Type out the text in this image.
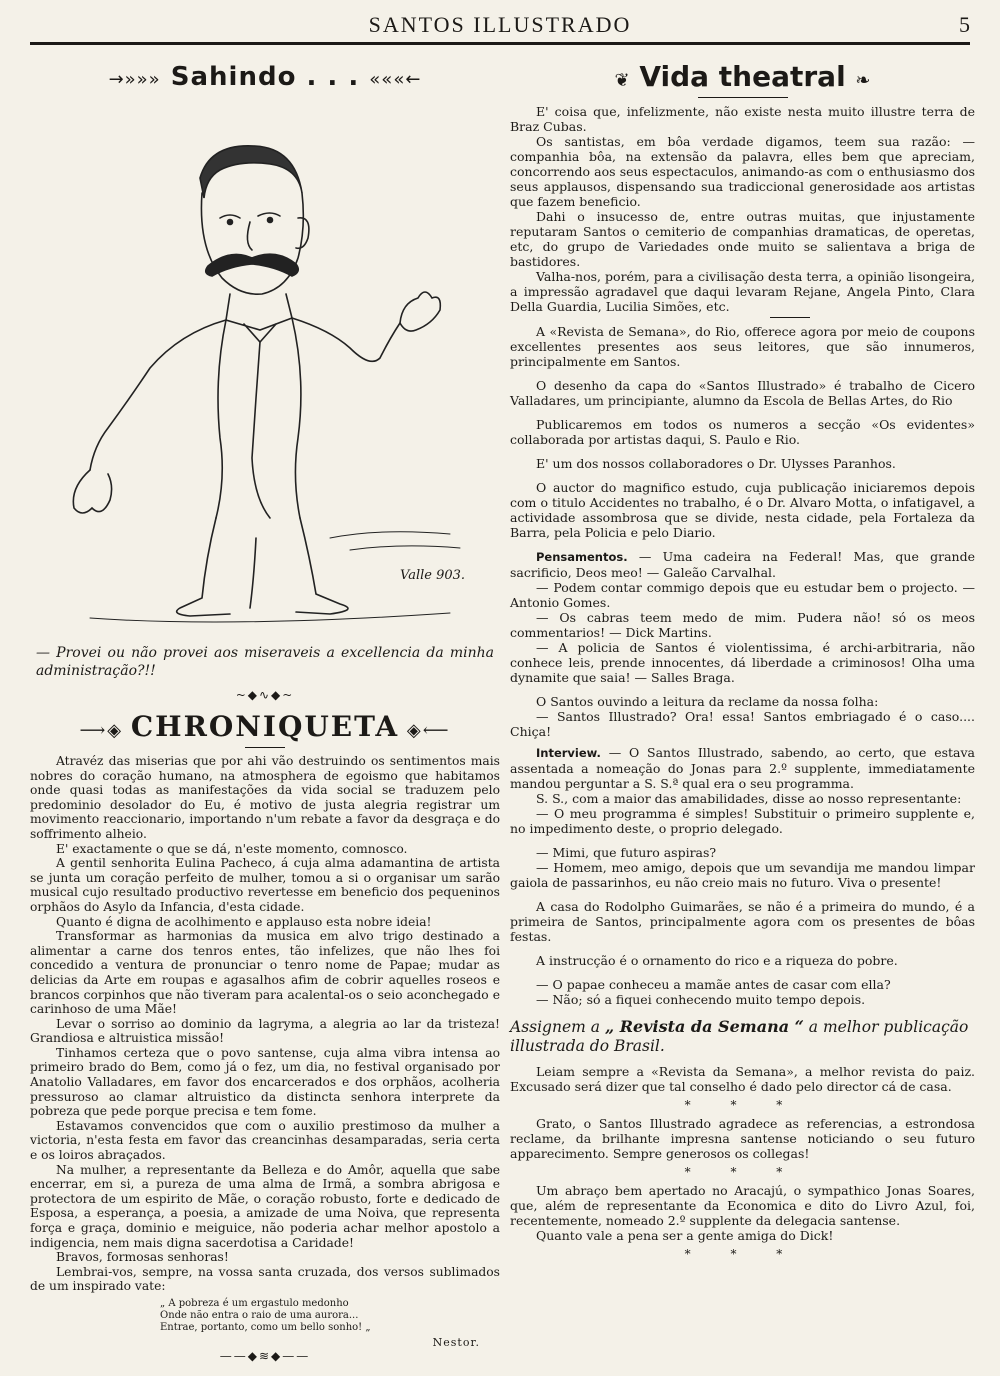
SANTOS ILLUSTRADO	5
→»»» Sahindo . . . «««←
Valle 903.
— Provei ou não provei aos miseraveis a excellencia da minha administração?!!
~◆∿◆~
⟶◈ CHRONIQUETA ◈⟵

Atravéz das miserias que por ahi vão destruindo os sentimentos mais nobres do coração humano, na atmosphera de egoismo que habitamos onde quasi todas as manifestações da vida social se traduzem pelo predominio desolador do Eu, é motivo de justa alegria registrar um movimento reaccionario, importando n'um rebate a favor da desgraça e do soffrimento alheio.

E' exactamente o que se dá, n'este momento, comnosco.

A gentil senhorita Eulina Pacheco, á cuja alma adamantina de artista se junta um coração perfeito de mulher, tomou a si o organisar um sarão musical cujo resultado productivo revertesse em beneficio dos pequeninos orphãos do Asylo da Infancia, d'esta cidade.

Quanto é digna de acolhimento e applauso esta nobre ideia!

Transformar as harmonias da musica em alvo trigo destinado a alimentar a carne dos tenros entes, tão infelizes, que não lhes foi concedido a ventura de pronunciar o tenro nome de Papae; mudar as delicias da Arte em roupas e agasalhos afim de cobrir aquelles roseos e brancos corpinhos que não tiveram para acalental-os o seio aconchegado e carinhoso de uma Mãe!

Levar o sorriso ao dominio da lagryma, a alegria ao lar da tristeza! Grandiosa e altruistica missão!

Tinhamos certeza que o povo santense, cuja alma vibra intensa ao primeiro brado do Bem, como já o fez, um dia, no festival organisado por Anatolio Valladares, em favor dos encarcerados e dos orphãos, acolheria pressuroso ao clamar altruistico da distincta senhora interprete da pobreza que pede porque precisa e tem fome.

Estavamos convencidos que com o auxilio prestimoso da mulher a victoria, n'esta festa em favor das creancinhas desamparadas, seria certa e os loiros abraçados.

Na mulher, a representante da Belleza e do Amôr, aquella que sabe encerrar, em si, a pureza de uma alma de Irmã, a sombra abrigosa e protectora de um espirito de Mãe, o coração robusto, forte e dedicado de Esposa, a esperança, a poesia, a amizade de uma Noiva, que representa força e graça, dominio e meiguice, não poderia achar melhor apostolo a indigencia, nem mais digna sacerdotisa a Caridade!

Bravos, formosas senhoras!

Lembrai-vos, sempre, na vossa santa cruzada, dos versos sublimados de um inspirado vate:

„ A pobreza é um ergastulo medonho
Onde não entra o raio de uma aurora...
Entrae, portanto, como um bello sonho! „
Nestor.
——◆≋◆——
❦ Vida theatral ❧

E' coisa que, infelizmente, não existe nesta muito illustre terra de Braz Cubas.

Os santistas, em bôa verdade digamos, teem sua razão: — companhia bôa, na extensão da palavra, elles bem que apreciam, concorrendo aos seus espectaculos, animando-as com o enthusiasmo dos seus applausos, dispensando sua tradiccional generosidade aos artistas que fazem beneficio.

Dahi o insucesso de, entre outras muitas, que injustamente reputaram Santos o cemiterio de companhias dramaticas, de operetas, etc, do grupo de Variedades onde muito se salientava a briga de bastidores.

Valha-nos, porém, para a civilisação desta terra, a opinião lisongeira, a impressão agradavel que daqui levaram Rejane, Angela Pinto, Clara Della Guardia, Lucilia Simões, etc.

A «Revista de Semana», do Rio, offerece agora por meio de coupons excellentes presentes aos seus leitores, que são innumeros, principalmente em Santos.

O desenho da capa do «Santos Illustrado» é trabalho de Cicero Valladares, um principiante, alumno da Escola de Bellas Artes, do Rio

Publicaremos em todos os numeros a secção «Os evidentes» collaborada por artistas daqui, S. Paulo e Rio.

E' um dos nossos collaboradores o Dr. Ulysses Paranhos.

O auctor do magnifico estudo, cuja publicação iniciaremos depois com o titulo Accidentes no trabalho, é o Dr. Alvaro Motta, o infatigavel, a actividade assombrosa que se divide, nesta cidade, pela Fortaleza da Barra, pela Policia e pelo Diario.

Pensamentos. — Uma cadeira na Federal! Mas, que grande sacrificio, Deos meo! — Galeão Carvalhal.

— Podem contar commigo depois que eu estudar bem o projecto. — Antonio Gomes.

— Os cabras teem medo de mim. Pudera não! só os meos commentarios! — Dick Martins.

— A policia de Santos é violentissima, é archi-arbitraria, não conhece leis, prende innocentes, dá liberdade a criminosos! Olha uma dynamite que saia! — Salles Braga.

O Santos ouvindo a leitura da reclame da nossa folha:

— Santos Illustrado? Ora! essa! Santos embriagado é o caso.... Chiça!

Interview. — O Santos Illustrado, sabendo, ao certo, que estava assentada a nomeação do Jonas para 2.º supplente, immediatamente mandou perguntar a S. S.ª qual era o seu programma.

S. S., com a maior das amabilidades, disse ao nosso representante:

— O meu programma é simples! Substituir o primeiro supplente e, no impedimento deste, o proprio delegado.

— Mimi, que futuro aspiras?

— Homem, meo amigo, depois que um sevandija me mandou limpar gaiola de passarinhos, eu não creio mais no futuro. Viva o presente!

A casa do Rodolpho Guimarães, se não é a primeira do mundo, é a primeira de Santos, principalmente agora com os presentes de bôas festas.

A instrucção é o ornamento do rico e a riqueza do pobre.

— O papae conheceu a mamãe antes de casar com ella?

— Não; só a fiquei conhecendo muito tempo depois.

Assignem a „ Revista da Semana “ a melhor publicação illustrada do Brasil.

Leiam sempre a «Revista da Semana», a melhor revista do paiz. Excusado será dizer que tal conselho é dado pelo director cá de casa.

* * *

Grato, o Santos Illustrado agradece as referencias, a estrondosa reclame, da brilhante impresna santense noticiando o seu futuro apparecimento. Sempre generosos os collegas!

* * *

Um abraço bem apertado no Aracajú, o sympathico Jonas Soares, que, além de representante da Economica e dito do Livro Azul, foi, recentemente, nomeado 2.º supplente da delegacia santense.

Quanto vale a pena ser a gente amiga do Dick!

* * *
